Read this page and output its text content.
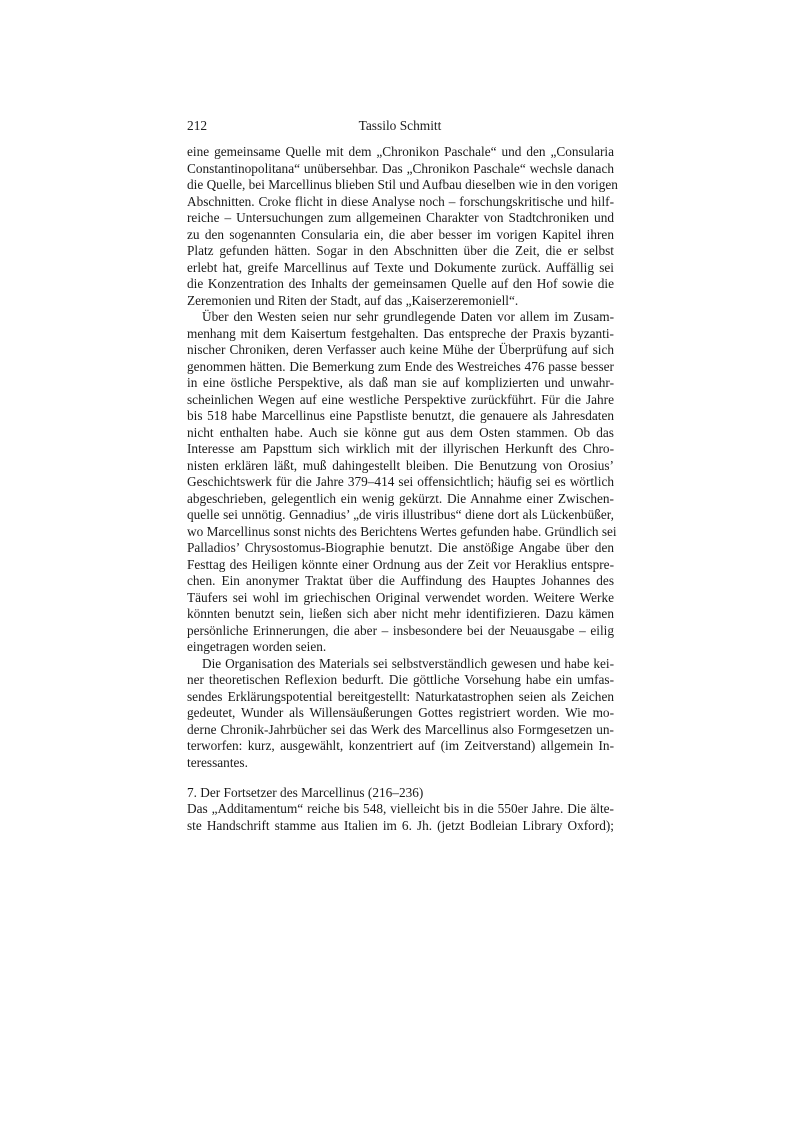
212	Tassilo Schmitt
eine gemeinsame Quelle mit dem „Chronikon Paschale“ und den „Consularia
Constantinopolitana“ unübersehbar. Das „Chronikon Paschale“ wechsle danach
die Quelle, bei Marcellinus blieben Stil und Aufbau dieselben wie in den vorigen
Abschnitten. Croke flicht in diese Analyse noch – forschungskritische und hilf-
reiche – Untersuchungen zum allgemeinen Charakter von Stadtchroniken und
zu den sogenannten Consularia ein, die aber besser im vorigen Kapitel ihren
Platz gefunden hätten. Sogar in den Abschnitten über die Zeit, die er selbst
erlebt hat, greife Marcellinus auf Texte und Dokumente zurück. Auffällig sei
die Konzentration des Inhalts der gemeinsamen Quelle auf den Hof sowie die
Zeremonien und Riten der Stadt, auf das „Kaiserzeremoniell“.
Über den Westen seien nur sehr grundlegende Daten vor allem im Zusam-
menhang mit dem Kaisertum festgehalten. Das entspreche der Praxis byzanti-
nischer Chroniken, deren Verfasser auch keine Mühe der Überprüfung auf sich
genommen hätten. Die Bemerkung zum Ende des Westreiches 476 passe besser
in eine östliche Perspektive, als daß man sie auf komplizierten und unwahr-
scheinlichen Wegen auf eine westliche Perspektive zurückführt. Für die Jahre
bis 518 habe Marcellinus eine Papstliste benutzt, die genauere als Jahresdaten
nicht enthalten habe. Auch sie könne gut aus dem Osten stammen. Ob das
Interesse am Papsttum sich wirklich mit der illyrischen Herkunft des Chro-
nisten erklären läßt, muß dahingestellt bleiben. Die Benutzung von Orosius’
Geschichtswerk für die Jahre 379–414 sei offensichtlich; häufig sei es wörtlich
abgeschrieben, gelegentlich ein wenig gekürzt. Die Annahme einer Zwischen-
quelle sei unnötig. Gennadius’ „de viris illustribus“ diene dort als Lückenbüßer,
wo Marcellinus sonst nichts des Berichtens Wertes gefunden habe. Gründlich sei
Palladios’ Chrysostomus-Biographie benutzt. Die anstößige Angabe über den
Festtag des Heiligen könnte einer Ordnung aus der Zeit vor Heraklius entspre-
chen. Ein anonymer Traktat über die Auffindung des Hauptes Johannes des
Täufers sei wohl im griechischen Original verwendet worden. Weitere Werke
könnten benutzt sein, ließen sich aber nicht mehr identifizieren. Dazu kämen
persönliche Erinnerungen, die aber – insbesondere bei der Neuausgabe – eilig
eingetragen worden seien.
Die Organisation des Materials sei selbstverständlich gewesen und habe kei-
ner theoretischen Reflexion bedurft. Die göttliche Vorsehung habe ein umfas-
sendes Erklärungspotential bereitgestellt: Naturkatastrophen seien als Zeichen
gedeutet, Wunder als Willensäußerungen Gottes registriert worden. Wie mo-
derne Chronik-Jahrbücher sei das Werk des Marcellinus also Formgesetzen un-
terworfen: kurz, ausgewählt, konzentriert auf (im Zeitverstand) allgemein In-
teressantes.
7. Der Fortsetzer des Marcellinus (216–236)
Das „Additamentum“ reiche bis 548, vielleicht bis in die 550er Jahre. Die älte-
ste Handschrift stamme aus Italien im 6. Jh. (jetzt Bodleian Library Oxford);
